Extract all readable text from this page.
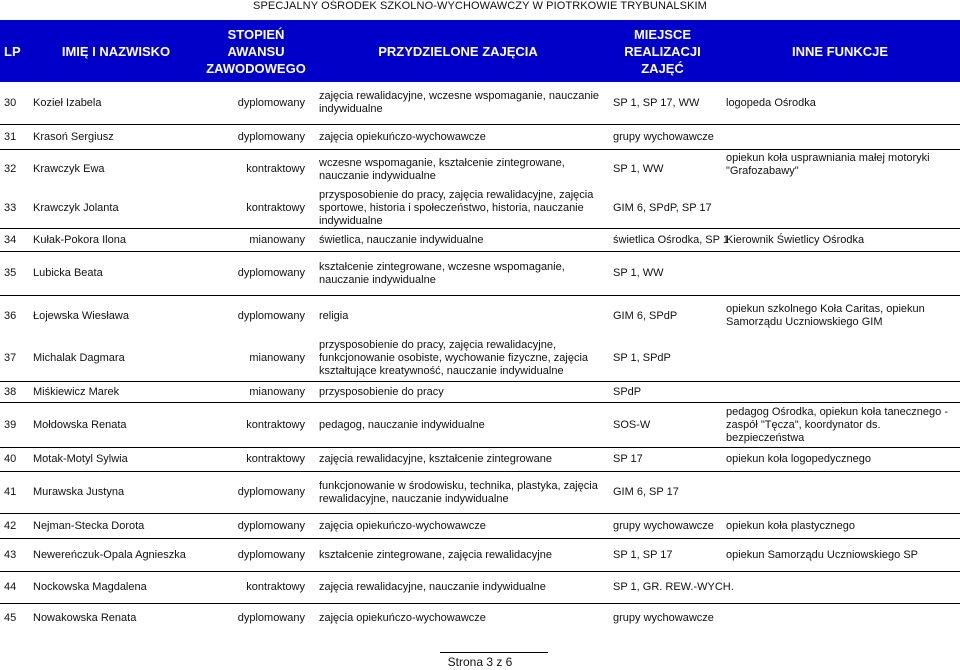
SPECJALNY OŚRODEK SZKOLNO-WYCHOWAWCZY W PIOTRKOWIE TRYBUNALSKIM
LP	IMIĘ I NAZWISKO	STOPIEŃ AWANSU ZAWODOWEGO	PRZYDZIELONE ZAJĘCIA	MIEJSCE REALIZACJI ZAJĘĆ	INNE FUNKCJE
30	Kozieł Izabela	dyplomowany	zajęcia rewalidacyjne, wczesne wspomaganie, nauczanie indywidualne	SP 1, SP 17, WW	logopeda Ośrodka

31	Krasoń Sergiusz	dyplomowany	zajęcia opiekuńczo-wychowawcze	grupy wychowawcze	

32	Krawczyk Ewa	kontraktowy	wczesne wspomaganie, kształcenie zintegrowane, nauczanie indywidualne	SP 1, WW	opiekun koła usprawniania małej motoryki "Grafozabawy"
33	Krawczyk Jolanta	kontraktowy	przysposobienie do pracy, zajęcia rewalidacyjne, zajęcia sportowe, historia i społeczeństwo, historia, nauczanie indywidualne	GIM 6, SPdP, SP 17	

34	Kułak-Pokora Ilona	mianowany	świetlica, nauczanie indywidualne	świetlica Ośrodka, SP 1	Kierownik Świetlicy Ośrodka

35	Lubicka Beata	dyplomowany	kształcenie zintegrowane, wczesne wspomaganie, nauczanie indywidualne	SP 1, WW	

36	Łojewska Wiesława	dyplomowany	religia	GIM 6, SPdP	opiekun szkolnego Koła Caritas, opiekun Samorządu Uczniowskiego GIM
37	Michalak Dagmara	mianowany	przysposobienie do pracy, zajęcia rewalidacyjne, funkcjonowanie osobiste, wychowanie fizyczne, zajęcia kształtujące kreatywność, nauczanie indywidualne	SP 1, SPdP	

38	Miśkiewicz Marek	mianowany	przysposobienie do pracy	SPdP	

39	Mołdowska Renata	kontraktowy	pedagog, nauczanie indywidualne	SOS-W	pedagog Ośrodka, opiekun koła tanecznego - zaspół "Tęcza", koordynator ds. bezpieczeństwa

40	Motak-Motyl Sylwia	kontraktowy	zajęcia rewalidacyjne, kształcenie zintegrowane	SP 17	opiekun koła logopedycznego

41	Murawska Justyna	dyplomowany	funkcjonowanie w środowisku, technika, plastyka, zajęcia rewalidacyjne, nauczanie indywidualne	GIM 6, SP 17	

42	Nejman-Stecka Dorota	dyplomowany	zajęcia opiekuńczo-wychowawcze	grupy wychowawcze	opiekun koła plastycznego

43	Newereńczuk-Opala Agnieszka	dyplomowany	kształcenie zintegrowane, zajęcia rewalidacyjne	SP 1, SP 17	opiekun Samorządu Uczniowskiego SP

44	Nockowska Magdalena	kontraktowy	zajęcia rewalidacyjne, nauczanie indywidualne	SP 1, GR. REW.-WYCH.	

45	Nowakowska Renata	dyplomowany	zajęcia opiekuńczo-wychowawcze	grupy wychowawcze	
Strona 3 z 6
